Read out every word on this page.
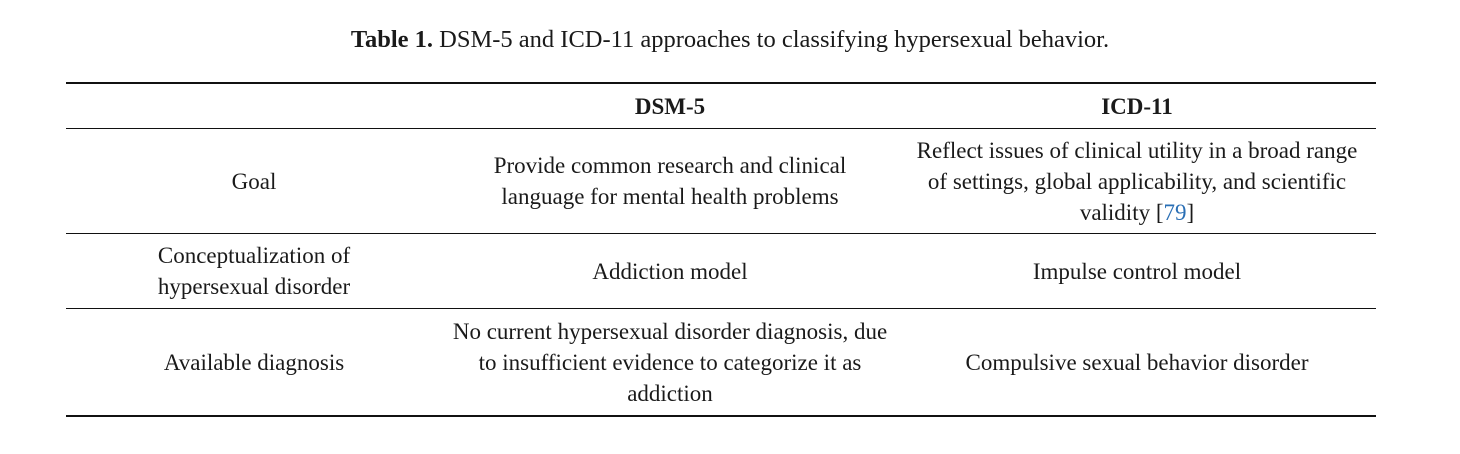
Table 1. DSM-5 and ICD-11 approaches to classifying hypersexual behavior.
	DSM-5	ICD-11

Goal	Provide common research and clinical language for mental health problems	Reflect issues of clinical utility in a broad range of settings, global applicability, and scientific validity [79]

Conceptualization of hypersexual disorder	Addiction model	Impulse control model

Available diagnosis	No current hypersexual disorder diagnosis, due to insufficient evidence to categorize it as addiction	Compulsive sexual behavior disorder
